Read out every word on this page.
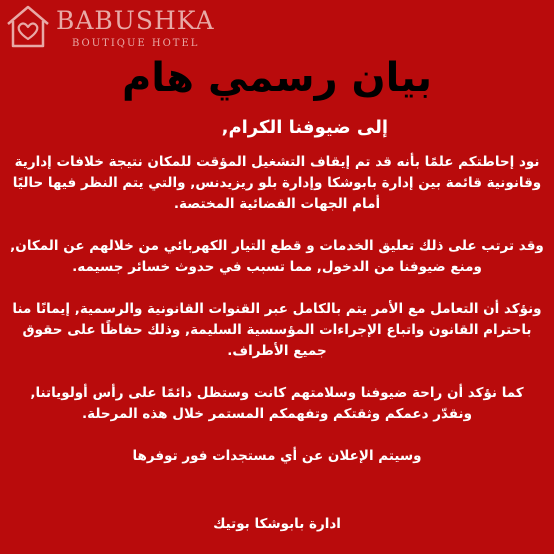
BABUSHKA
BOUTIQUE HOTEL
بيان رسمي هام
إلى ضيوفنا الكرام,

نود إحاطتكم علمًا بأنه قد تم إيقاف التشغيل المؤقت للمكان نتيجة خلافات إدارية وقانونية قائمة بين إدارة بابوشكا وإدارة بلو ريزيدنس, والتي يتم النظر فيها حاليًا أمام الجهات القضائية المختصة.

وقد ترتب على ذلك تعليق الخدمات و قطع التيار الكهربائي من خلالهم عن المكان, ومنع ضيوفنا من الدخول, مما تسبب في حدوث خسائر جسيمه.

ونؤكد أن التعامل مع الأمر يتم بالكامل عبر القنوات القانونية والرسمية, إيمانًا منا باحترام القانون واتباع الإجراءات المؤسسية السليمة, وذلك حفاظًا على حقوق جميع الأطراف.

كما نؤكد أن راحة ضيوفنا وسلامتهم كانت وستظل دائمًا على رأس أولوياتنا, ونقدّر دعمكم وثقتكم وتفهمكم المستمر خلال هذه المرحلة.

وسيتم الإعلان عن أي مستجدات فور توفرها

ادارة بابوشكا بوتيك
